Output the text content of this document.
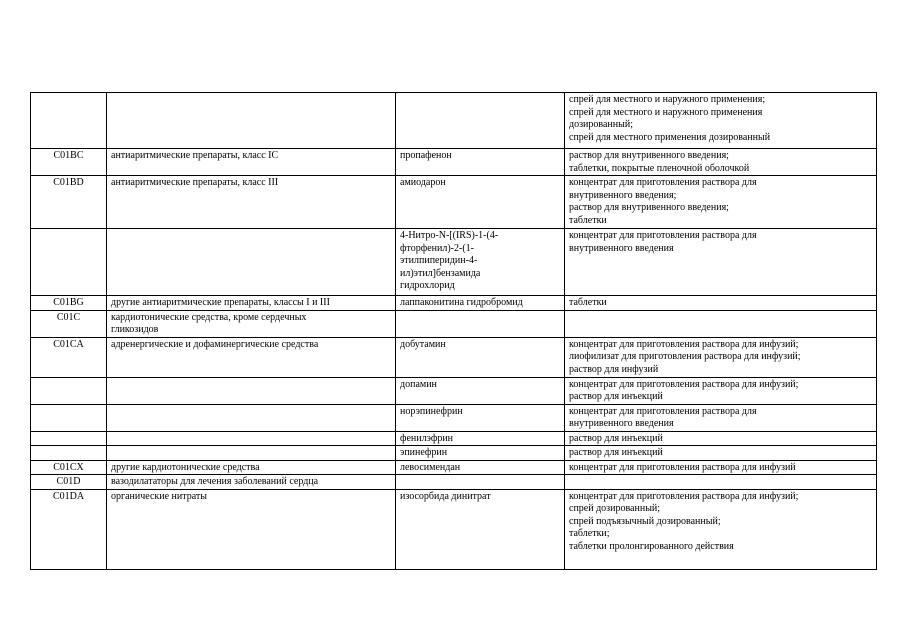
			спрей для местного и наружного применения;
спрей для местного и наружного применения
дозированный;
спрей для местного применения дозированный

C01BC	антиаритмические препараты, класс IC	пропафенон	раствор для внутривенного введения;
таблетки, покрытые пленочной оболочкой

C01BD	антиаритмические препараты, класс III	амиодарон	концентрат для приготовления раствора для
внутривенного введения;
раствор для внутривенного введения;
таблетки

		4-Нитро-N-[(IRS)-1-(4-
фторфенил)-2-(1-
этилпиперидин-4-
ил)этил]бензамида
гидрохлорид	концентрат для приготовления раствора для
внутривенного введения

C01BG	другие антиаритмические препараты, классы I и III	лаппаконитина гидробромид	таблетки

C01C	кардиотонические средства, кроме сердечных
гликозидов		

C01CA	адренергические и дофаминергические средства	добутамин	концентрат для приготовления раствора для инфузий;
лиофилизат для приготовления раствора для инфузий;
раствор для инфузий

		допамин	концентрат для приготовления раствора для инфузий;
раствор для инъекций

		норэпинефрин	концентрат для приготовления раствора для
внутривенного введения

		фенилэфрин	раствор для инъекций

		эпинефрин	раствор для инъекций

C01CX	другие кардиотонические средства	левосимендан	концентрат для приготовления раствора для инфузий

C01D	вазодилататоры для лечения заболеваний сердца		
C01DA	органические нитраты	изосорбида динитрат	концентрат для приготовления раствора для инфузий;
спрей дозированный;
спрей подъязычный дозированный;
таблетки;
таблетки пролонгированного действия
